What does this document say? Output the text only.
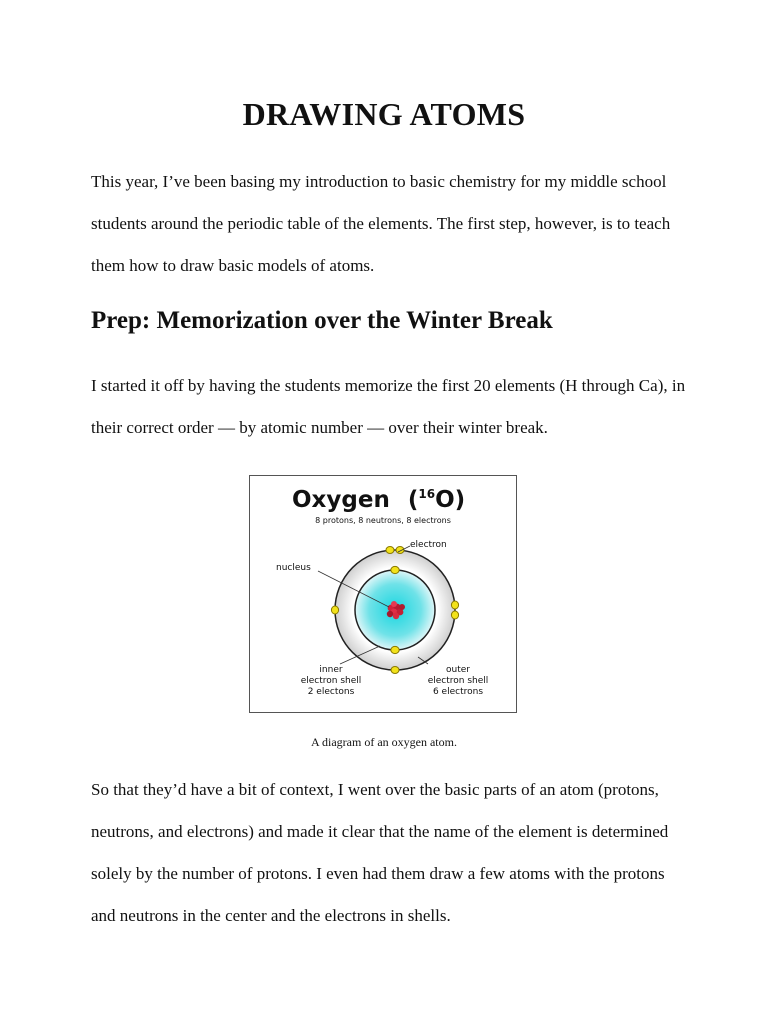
DRAWING ATOMS

This year, I’ve been basing my introduction to basic chemistry for my middle school students around the periodic table of the elements. The first step, however, is to teach them how to draw basic models of atoms.

Prep: Memorization over the Winter Break

I started it off by having the students memorize the first 20 elements (H through Ca), in their correct order — by atomic number — over their winter break.

Oxygen ($^{16}$O)
8 protons, 8 neutrons, 8 electrons
electron
nucleus
inner
electron shell
2 electons
outer
electron shell
6 electrons

A diagram of an oxygen atom.

So that they’d have a bit of context, I went over the basic parts of an atom (protons, neutrons, and electrons) and made it clear that the name of the element is determined solely by the number of protons. I even had them draw a few atoms with the protons and neutrons in the center and the electrons in shells.
